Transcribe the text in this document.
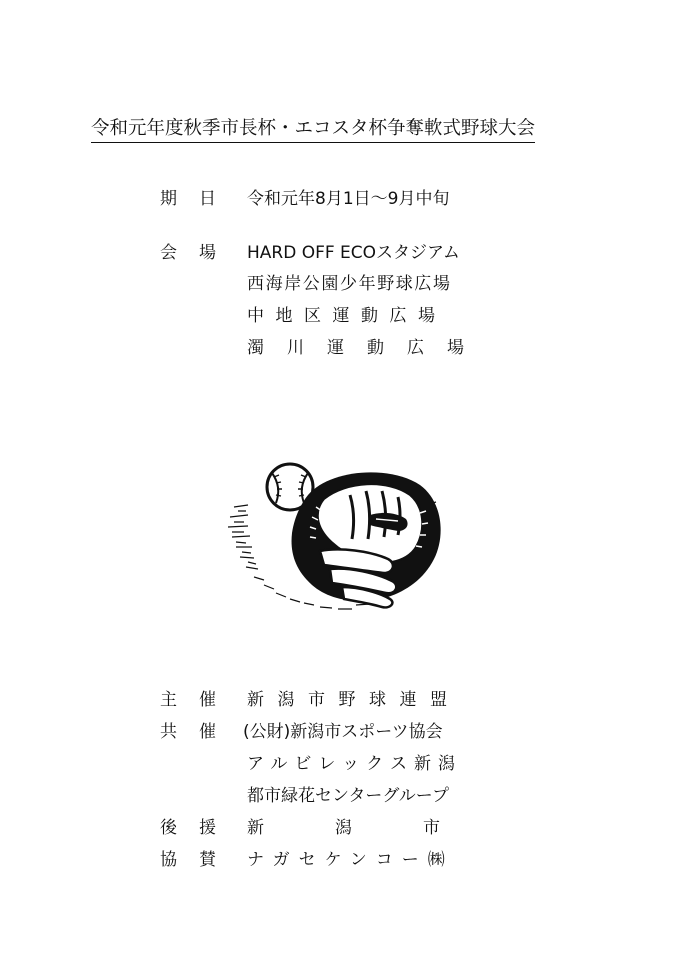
令和元年度秋季市長杯・エコスタ杯争奪軟式野球大会
期 日 令和元年8月1日〜9月中旬
会 場 HARD OFF ECOスタジアム
西海岸公園少年野球広場
中地区運動広場
濁川運動広場
主 催 新潟市野球連盟
共 催 (公財)新潟市スポーツ協会
アルビレックス新潟
都市緑花センターグループ
後 援 新潟市
協 賛 ナガセケンコー㈱
